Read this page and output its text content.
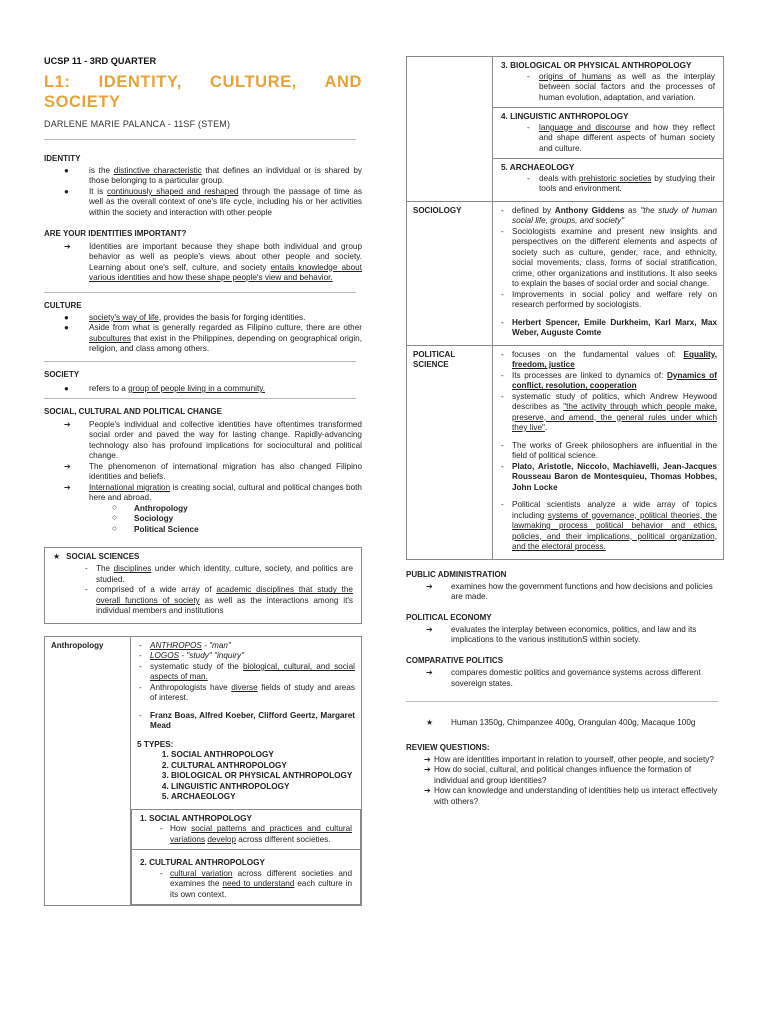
UCSP 11 - 3RD QUARTER
L1: IDENTITY, CULTURE, AND
SOCIETY
DARLENE MARIE PALANCA - 11SF (STEM)
IDENTITY
● is the distinctive characteristic that defines an individual or is shared by those belonging to a particular group.
● It is continuously shaped and reshaped through the passage of time as well as the overall context of one's life cycle, including his or her activities within the society and interaction with other people
ARE YOUR IDENTITIES IMPORTANT?
➔ Identities are important because they shape both individual and group behavior as well as people's views about other people and society. Learning about one's self, culture, and society entails knowledge about various identities and how these shape people's view and behavior.
CULTURE
● society's way of life, provides the basis for forging identities.
● Aside from what is generally regarded as Filipino culture, there are other subcultures that exist in the Philippines, depending on geographical origin, religion, and class among others.
SOCIETY
● refers to a group of people living in a community.
SOCIAL, CULTURAL AND POLITICAL CHANGE
➔ People's individual and collective identities have oftentimes transformed social order and paved the way for lasting change. Rapidly-advancing technology also has profound implications for sociocultural and political change.
➔ The phenomenon of international migration has also changed Filipino identities and beliefs.
➔ International migration is creating social, cultural and political changes both here and abroad.
○ Anthropology
○ Sociology
○ Political Science
★ SOCIAL SCIENCES
- The disciplines under which identity, culture, society, and politics are studied.
- comprised of a wide array of academic disciplines that study the overall functions of society as well as the interactions among it's individual members and institutions
Anthropology	- ANTHROPOS - "man"
- LOGOS - "study" "inquiry"
- systematic study of the biological, cultural, and social aspects of man.
- Anthropologists have diverse fields of study and areas of interest.
- Franz Boas, Alfred Koeber, Clifford Geertz, Margaret Mead
5 TYPES:
1. SOCIAL ANTHROPOLOGY
2. CULTURAL ANTHROPOLOGY
3. BIOLOGICAL OR PHYSICAL ANTHROPOLOGY
4. LINGUISTIC ANTHROPOLOGY
5. ARCHAEOLOGY
1. SOCIAL ANTHROPOLOGY
- How social patterns and practices and cultural variations develop across different societies.
2. CULTURAL ANTHROPOLOGY
- cultural variation across different societies and examines the need to understand each culture in its own context.
3. BIOLOGICAL OR PHYSICAL ANTHROPOLOGY
- origins of humans as well as the interplay between social factors and the processes of human evolution, adaptation, and variation.
4. LINGUISTIC ANTHROPOLOGY
- language and discourse and how they reflect and shape different aspects of human society and culture.
5. ARCHAEOLOGY
- deals with prehistoric societies by studying their tools and environment.
SOCIOLOGY	- defined by Anthony Giddens as "the study of human social life, groups, and society"
- Sociologists examine and present new insights and perspectives on the different elements and aspects of society such as culture, gender, race, and ethnicity, social movements, class, forms of social stratification, crime, other organizations and institutions. It also seeks to explain the bases of social order and social change.
- Improvements in social policy and welfare rely on research performed by sociologists.
- Herbert Spencer, Emile Durkheim, Karl Marx, Max Weber, Auguste Comte
POLITICAL SCIENCE
- focuses on the fundamental values of: Equality, freedom, justice
- Its processes are linked to dynamics of: Dynamics of conflict, resolution, cooperation
- systematic study of politics, which Andrew Heywood describes as "the activity through which people make, preserve, and amend, the general rules under which they live".
- The works of Greek philosophers are influential in the field of political science.
- Plato, Aristotle, Niccolo, Machiavelli, Jean-Jacques Rousseau Baron de Montesquieu, Thomas Hobbes, John Locke
- Political scientists analyze a wide array of topics including systems of governance, political theories, the lawmaking process political behavior and ethics, policies, and their implications, political organization, and the electoral process.
PUBLIC ADMINISTRATION
➔ examines how the government functions and how decisions and policies are made.
POLITICAL ECONOMY
➔ evaluates the interplay between economics, politics, and law and its implications to the various institutionS within society.
COMPARATIVE POLITICS
➔ compares domestic politics and governance systems across different sovereign states.
★ Human 1350g, Chimpanzee 400g, Orangulan 400g, Macaque 100g
REVIEW QUESTIONS:
➔ How are identities important in relation to yourself, other people, and society?
➔ How do social, cultural, and political changes influence the formation of individual and group identities?
➔ How can knowledge and understanding of identities help us interact effectively with others?
